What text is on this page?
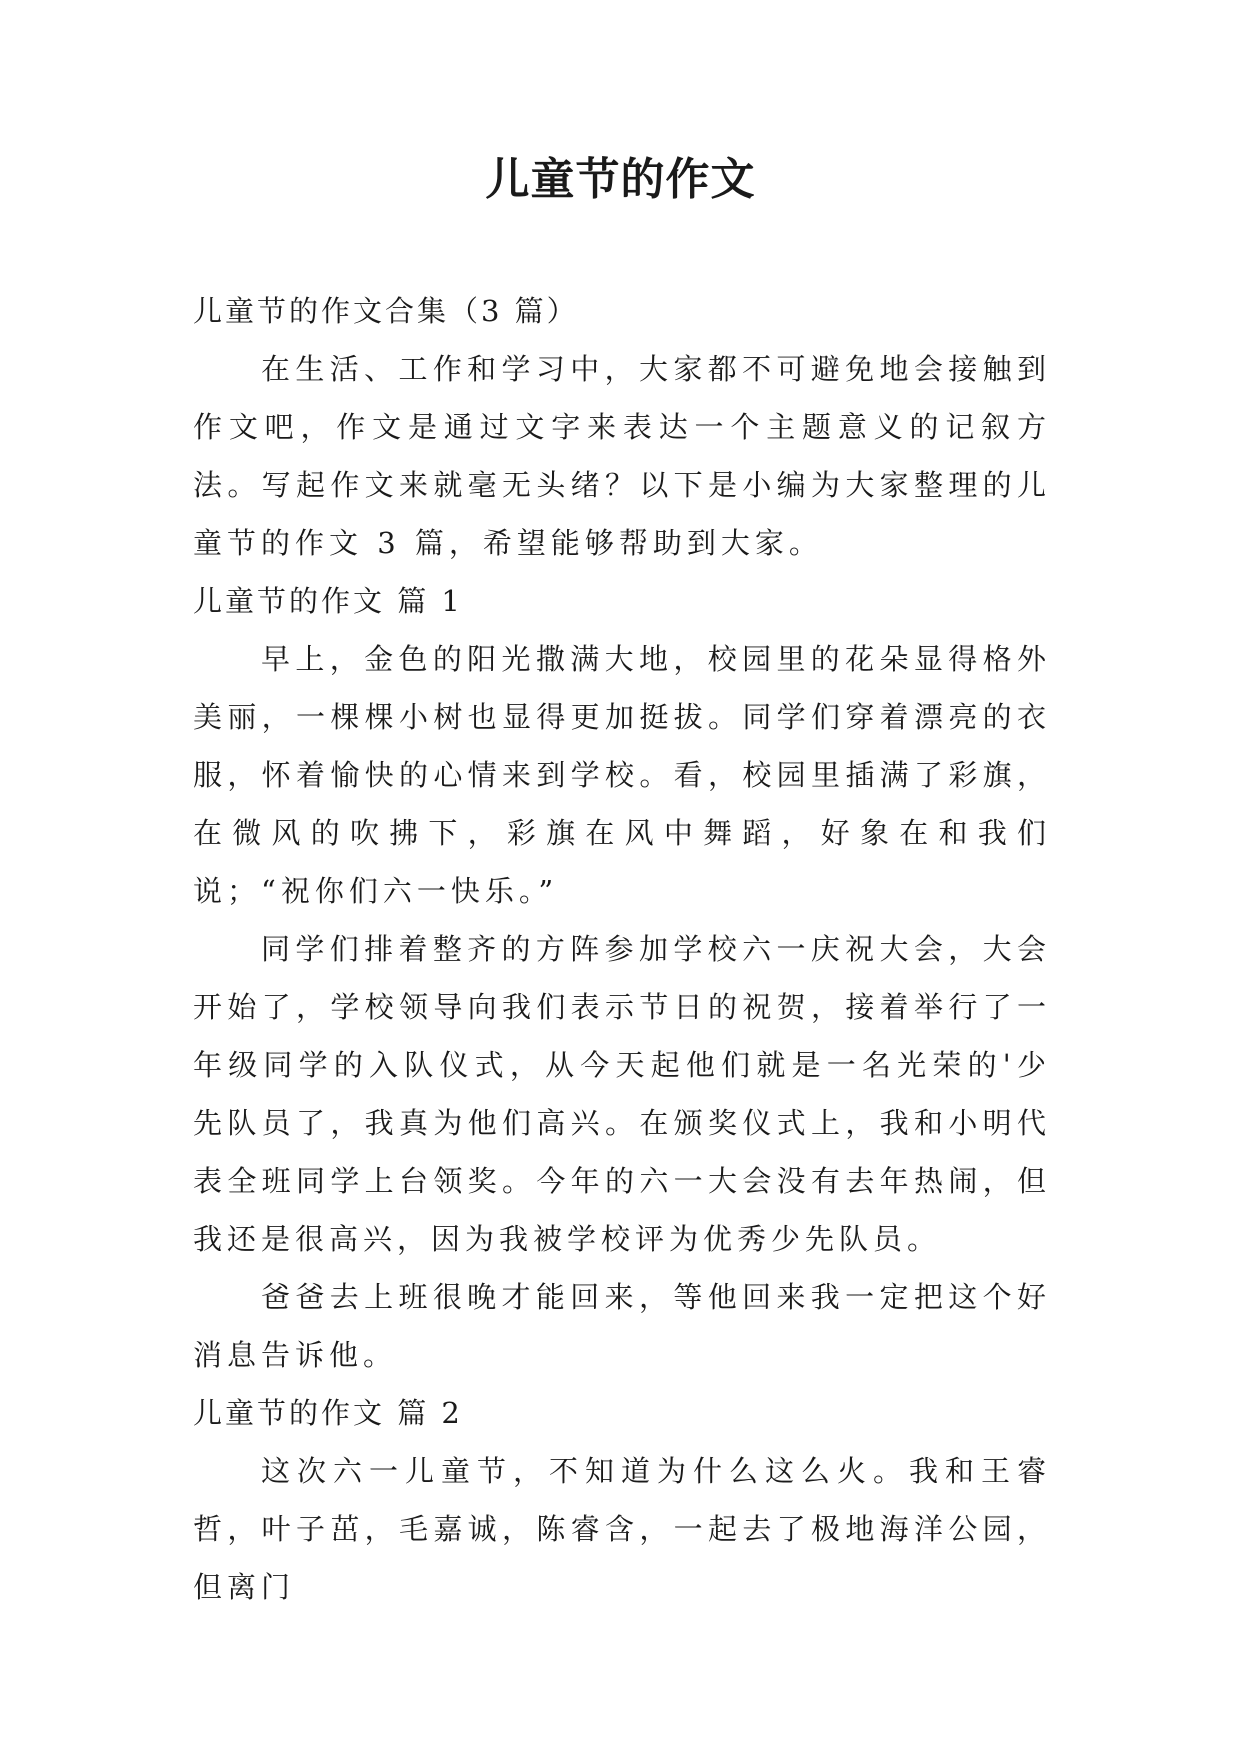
儿童节的作文

儿童节的作文合集（3 篇）

在生活、工作和学习中，大家都不可避免地会接触到作文吧，作文是通过文字来表达一个主题意义的记叙方法。写起作文来就毫无头绪？以下是小编为大家整理的儿童节的作文 3 篇，希望能够帮助到大家。

儿童节的作文 篇 1

早上，金色的阳光撒满大地，校园里的花朵显得格外美丽，一棵棵小树也显得更加挺拔。同学们穿着漂亮的衣服，怀着愉快的心情来到学校。看，校园里插满了彩旗，在微风的吹拂下，彩旗在风中舞蹈，好象在和我们说；“祝你们六一快乐。”

同学们排着整齐的方阵参加学校六一庆祝大会，大会开始了，学校领导向我们表示节日的祝贺，接着举行了一年级同学的入队仪式，从今天起他们就是一名光荣的'少先队员了，我真为他们高兴。在颁奖仪式上，我和小明代表全班同学上台领奖。今年的六一大会没有去年热闹，但我还是很高兴，因为我被学校评为优秀少先队员。

爸爸去上班很晚才能回来，等他回来我一定把这个好消息告诉他。

儿童节的作文 篇 2

这次六一儿童节，不知道为什么这么火。我和王睿哲，叶子茁，毛嘉诚，陈睿含，一起去了极地海洋公园，但离门
